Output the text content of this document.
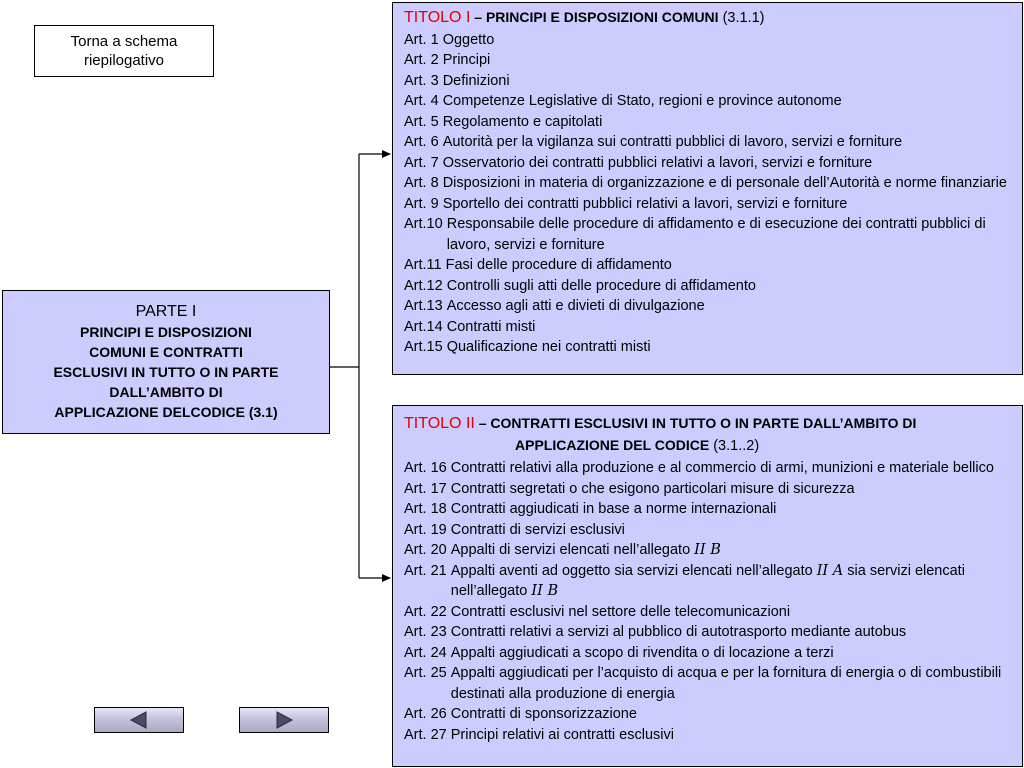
Torna a schema
riepilogativo
PARTE I
PRINCIPI E DISPOSIZIONI
COMUNI E CONTRATTI
ESCLUSIVI IN TUTTO O IN PARTE
DALL’AMBITO DI
APPLICAZIONE DELCODICE (3.1)
TITOLO I – PRINCIPI E DISPOSIZIONI COMUNI (3.1.1)
Art. 1 Oggetto
Art. 2 Principi
Art. 3 Definizioni
Art. 4 Competenze Legislative di Stato, regioni e province autonome
Art. 5 Regolamento e capitolati
Art. 6 Autorità per la vigilanza sui contratti pubblici di lavoro, servizi e forniture
Art. 7 Osservatorio dei contratti pubblici relativi a lavori, servizi e forniture
Art. 8 Disposizioni in materia di organizzazione e di personale dell’Autorità e norme finanziarie
Art. 9 Sportello dei contratti pubblici relativi a lavori, servizi e forniture
Art.10 Responsabile delle procedure di affidamento e di esecuzione dei contratti pubblici di lavoro, servizi e forniture
Art.11 Fasi delle procedure di affidamento
Art.12 Controlli sugli atti delle procedure di affidamento
Art.13 Accesso agli atti e divieti di divulgazione
Art.14 Contratti misti
Art.15 Qualificazione nei contratti misti
TITOLO II – CONTRATTI ESCLUSIVI IN TUTTO O IN PARTE DALL’AMBITO DI APPLICAZIONE DEL CODICE (3.1..2)
Art. 16 Contratti relativi alla produzione e al commercio di armi, munizioni e materiale bellico
Art. 17 Contratti segretati o che esigono particolari misure di sicurezza
Art. 18 Contratti aggiudicati in base a norme internazionali
Art. 19 Contratti di servizi esclusivi
Art. 20 Appalti di servizi elencati nell’allegato II B
Art. 21 Appalti aventi ad oggetto sia servizi elencati nell’allegato II A sia servizi elencati nell’allegato II B
Art. 22 Contratti esclusivi nel settore delle telecomunicazioni
Art. 23 Contratti relativi a servizi al pubblico di autotrasporto mediante autobus
Art. 24 Appalti aggiudicati a scopo di rivendita o di locazione a terzi
Art. 25 Appalti aggiudicati per l’acquisto di acqua e per la fornitura di energia o di combustibili destinati alla produzione di energia
Art. 26 Contratti di sponsorizzazione
Art. 27 Principi relativi ai contratti esclusivi
